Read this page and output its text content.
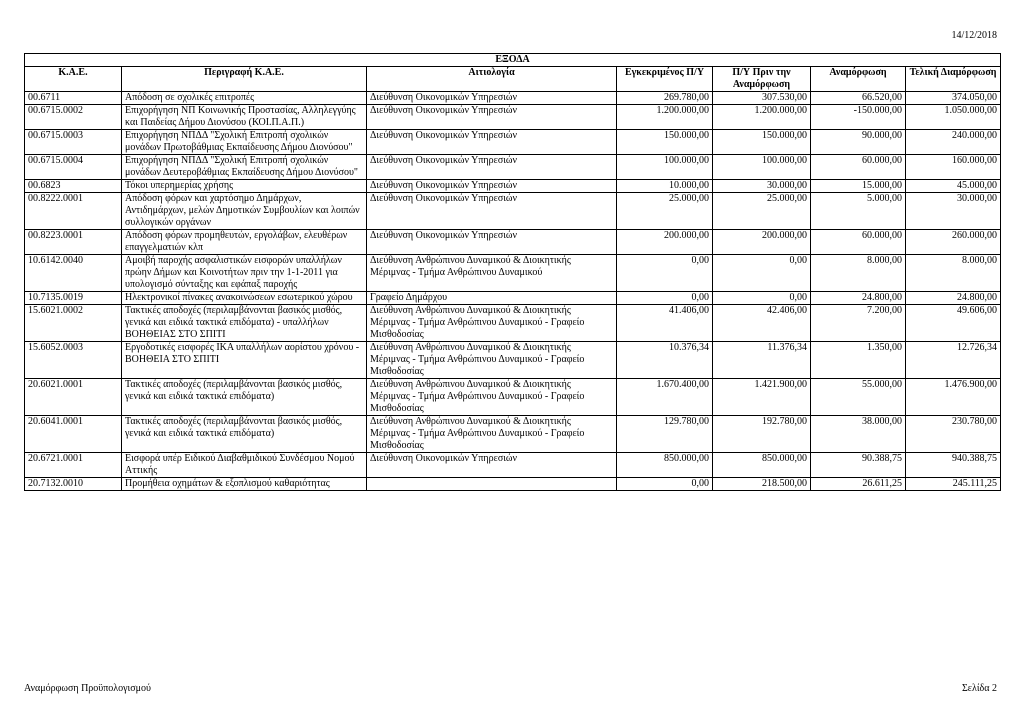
14/12/2018
ΕΞΟΔΑ						
Κ.Α.Ε.	Περιγραφή Κ.Α.Ε.	Αιτιολογία	Εγκεκριμένος Π/Υ	Π/Υ Πριν την Αναμόρφωση	Αναμόρφωση	Τελική Διαμόρφωση
00.6711	Απόδοση σε σχολικές επιτροπές	Διεύθυνση Οικονομικών Υπηρεσιών	269.780,00	307.530,00	66.520,00	374.050,00
00.6715.0002	Επιχορήγηση ΝΠ Κοινωνικής Προστασίας, Αλληλεγγύης και Παιδείας Δήμου Διονύσου (ΚΟΙ.Π.Α.Π.)	Διεύθυνση Οικονομικών Υπηρεσιών	1.200.000,00	1.200.000,00	-150.000,00	1.050.000,00
00.6715.0003	Επιχορήγηση ΝΠΔΔ "Σχολική Επιτροπή σχολικών μονάδων Πρωτοβάθμιας Εκπαίδευσης Δήμου Διονύσου"	Διεύθυνση Οικονομικών Υπηρεσιών	150.000,00	150.000,00	90.000,00	240.000,00
00.6715.0004	Επιχορήγηση ΝΠΔΔ "Σχολική Επιτροπή σχολικών μονάδων Δευτεροβάθμιας Εκπαίδευσης Δήμου Διονύσου"	Διεύθυνση Οικονομικών Υπηρεσιών	100.000,00	100.000,00	60.000,00	160.000,00
00.6823	Τόκοι υπερημερίας χρήσης	Διεύθυνση Οικονομικών Υπηρεσιών	10.000,00	30.000,00	15.000,00	45.000,00
00.8222.0001	Απόδοση φόρων και χαρτόσημο Δημάρχων, Αντιδημάρχων, μελών Δημοτικών Συμβουλίων και λοιπών συλλογικών οργάνων	Διεύθυνση Οικονομικών Υπηρεσιών	25.000,00	25.000,00	5.000,00	30.000,00
00.8223.0001	Απόδοση φόρων προμηθευτών, εργολάβων, ελευθέρων επαγγελματιών κλπ	Διεύθυνση Οικονομικών Υπηρεσιών	200.000,00	200.000,00	60.000,00	260.000,00
10.6142.0040	Αμοιβή παροχής ασφαλιστικών εισφορών υπαλλήλων πρώην Δήμων και Κοινοτήτων πριν την 1-1-2011 για υπολογισμό σύνταξης και εφάπαξ παροχής	Διεύθυνση Ανθρώπινου Δυναμικού & Διοικητικής Μέριμνας - Τμήμα Ανθρώπινου Δυναμικού	0,00	0,00	8.000,00	8.000,00
10.7135.0019	Ηλεκτρονικοί πίνακες ανακοινώσεων εσωτερικού χώρου	Γραφείο Δημάρχου	0,00	0,00	24.800,00	24.800,00
15.6021.0002	Τακτικές αποδοχές (περιλαμβάνονται βασικός μισθός, γενικά και ειδικά τακτικά επιδόματα) - υπαλλήλων ΒΟΗΘΕΙΑΣ ΣΤΟ ΣΠΙΤΙ	Διεύθυνση Ανθρώπινου Δυναμικού & Διοικητικής Μέριμνας - Τμήμα Ανθρώπινου Δυναμικού - Γραφείο Μισθοδοσίας	41.406,00	42.406,00	7.200,00	49.606,00
15.6052.0003	Εργοδοτικές εισφορές ΙΚΑ υπαλλήλων αορίστου χρόνου - ΒΟΗΘΕΙΑ ΣΤΟ ΣΠΙΤΙ	Διεύθυνση Ανθρώπινου Δυναμικού & Διοικητικής Μέριμνας - Τμήμα Ανθρώπινου Δυναμικού - Γραφείο Μισθοδοσίας	10.376,34	11.376,34	1.350,00	12.726,34
20.6021.0001	Τακτικές αποδοχές (περιλαμβάνονται βασικός μισθός, γενικά και ειδικά τακτικά επιδόματα)	Διεύθυνση Ανθρώπινου Δυναμικού & Διοικητικής Μέριμνας - Τμήμα Ανθρώπινου Δυναμικού - Γραφείο Μισθοδοσίας	1.670.400,00	1.421.900,00	55.000,00	1.476.900,00
20.6041.0001	Τακτικές αποδοχές (περιλαμβάνονται βασικός μισθός, γενικά και ειδικά τακτικά επιδόματα)	Διεύθυνση Ανθρώπινου Δυναμικού & Διοικητικής Μέριμνας - Τμήμα Ανθρώπινου Δυναμικού - Γραφείο Μισθοδοσίας	129.780,00	192.780,00	38.000,00	230.780,00
20.6721.0001	Εισφορά υπέρ Ειδικού Διαβαθμιδικού Συνδέσμου Νομού Αττικής	Διεύθυνση Οικονομικών Υπηρεσιών	850.000,00	850.000,00	90.388,75	940.388,75
20.7132.0010	Προμήθεια οχημάτων & εξοπλισμού καθαριότητας		0,00	218.500,00	26.611,25	245.111,25
Αναμόρφωση Προϋπολογισμού	Σελίδα 2
